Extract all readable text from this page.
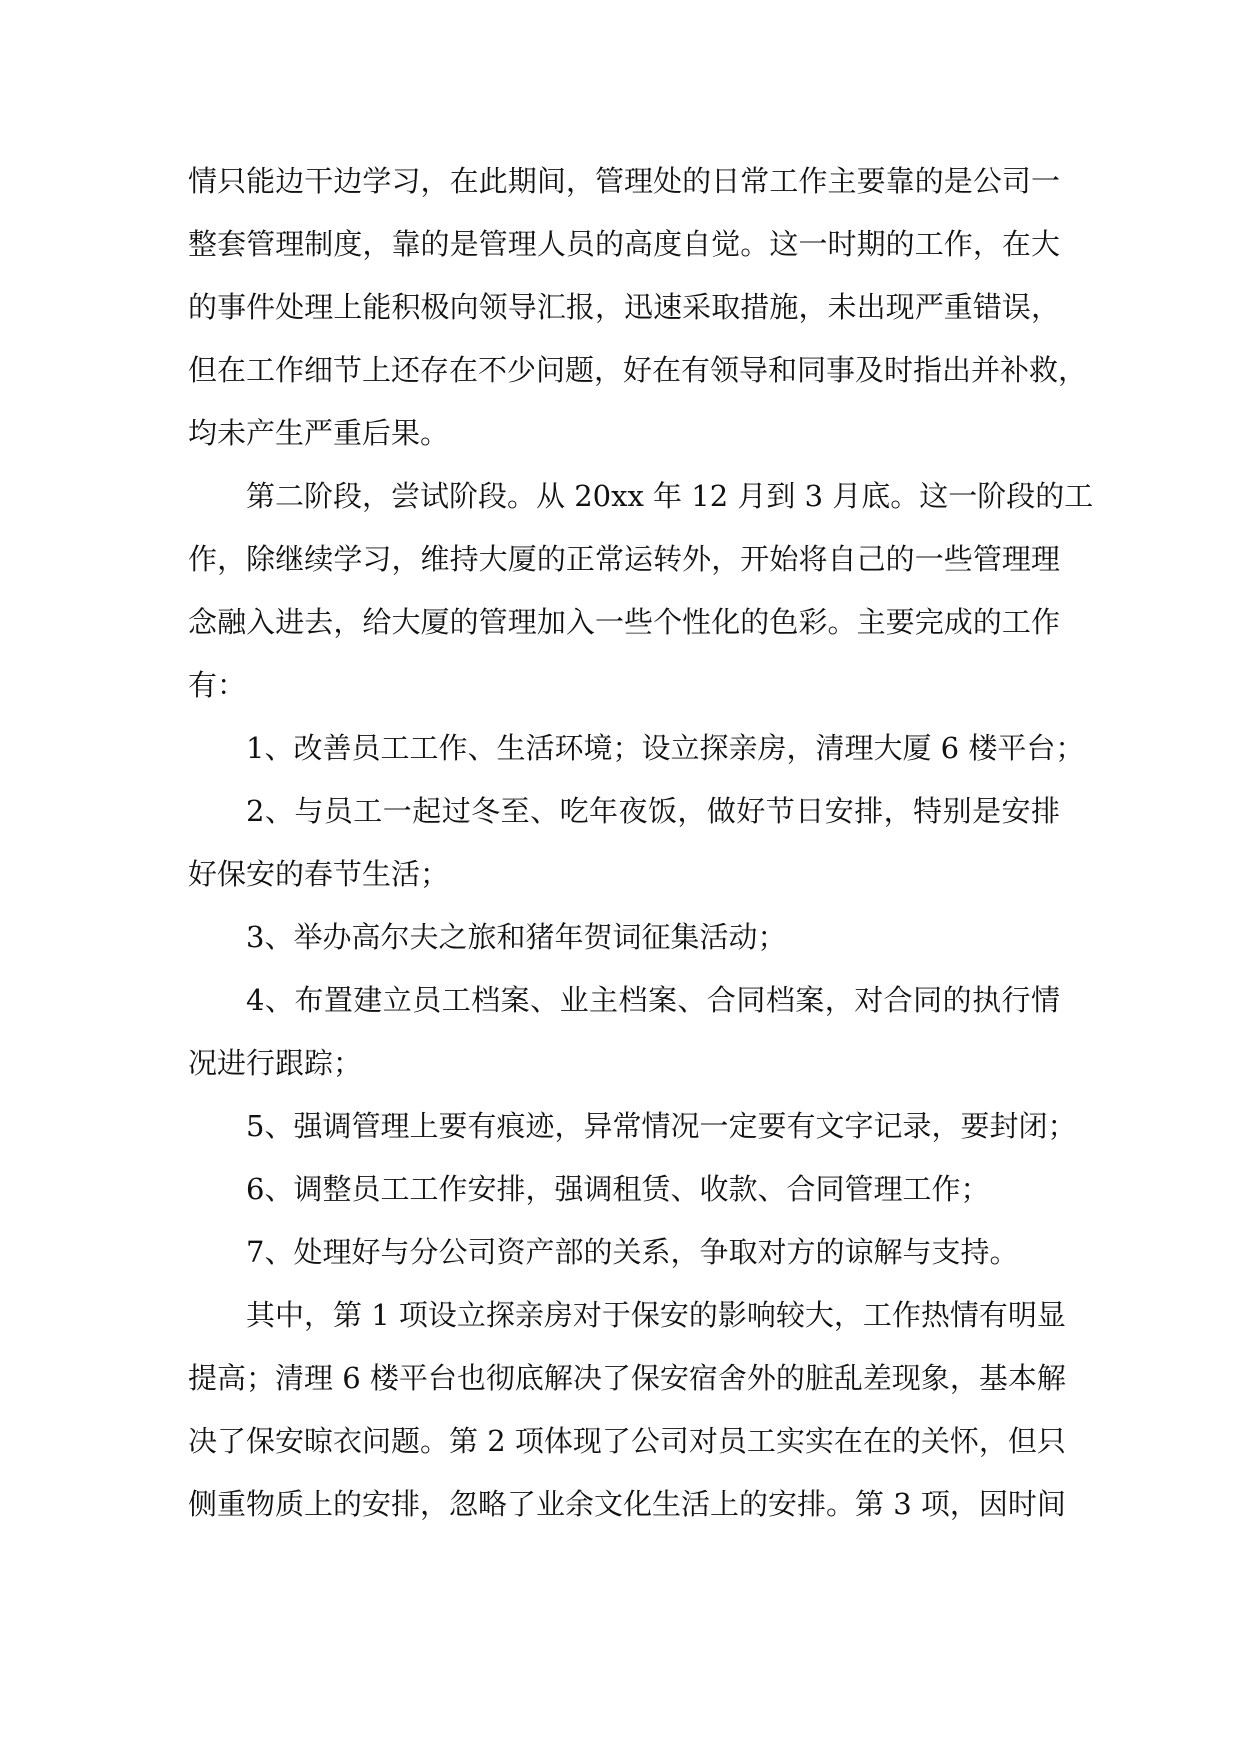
情只能边干边学习，在此期间，管理处的日常工作主要靠的是公司一
整套管理制度，靠的是管理人员的高度自觉。这一时期的工作，在大
的事件处理上能积极向领导汇报，迅速采取措施，未出现严重错误，
但在工作细节上还存在不少问题，好在有领导和同事及时指出并补救，
均未产生严重后果。
第二阶段，尝试阶段。从 20xx 年 12 月到 3 月底。这一阶段的工
作，除继续学习，维持大厦的正常运转外，开始将自己的一些管理理
念融入进去，给大厦的管理加入一些个性化的色彩。主要完成的工作
有：
1、改善员工工作、生活环境；设立探亲房，清理大厦 6 楼平台；
2、与员工一起过冬至、吃年夜饭，做好节日安排，特别是安排
好保安的春节生活；
3、举办高尔夫之旅和猪年贺词征集活动；
4、布置建立员工档案、业主档案、合同档案，对合同的执行情
况进行跟踪；
5、强调管理上要有痕迹，异常情况一定要有文字记录，要封闭；
6、调整员工工作安排，强调租赁、收款、合同管理工作；
7、处理好与分公司资产部的关系，争取对方的谅解与支持。
其中，第 1 项设立探亲房对于保安的影响较大，工作热情有明显
提高；清理 6 楼平台也彻底解决了保安宿舍外的脏乱差现象，基本解
决了保安晾衣问题。第 2 项体现了公司对员工实实在在的关怀，但只
侧重物质上的安排，忽略了业余文化生活上的安排。第 3 项，因时间
